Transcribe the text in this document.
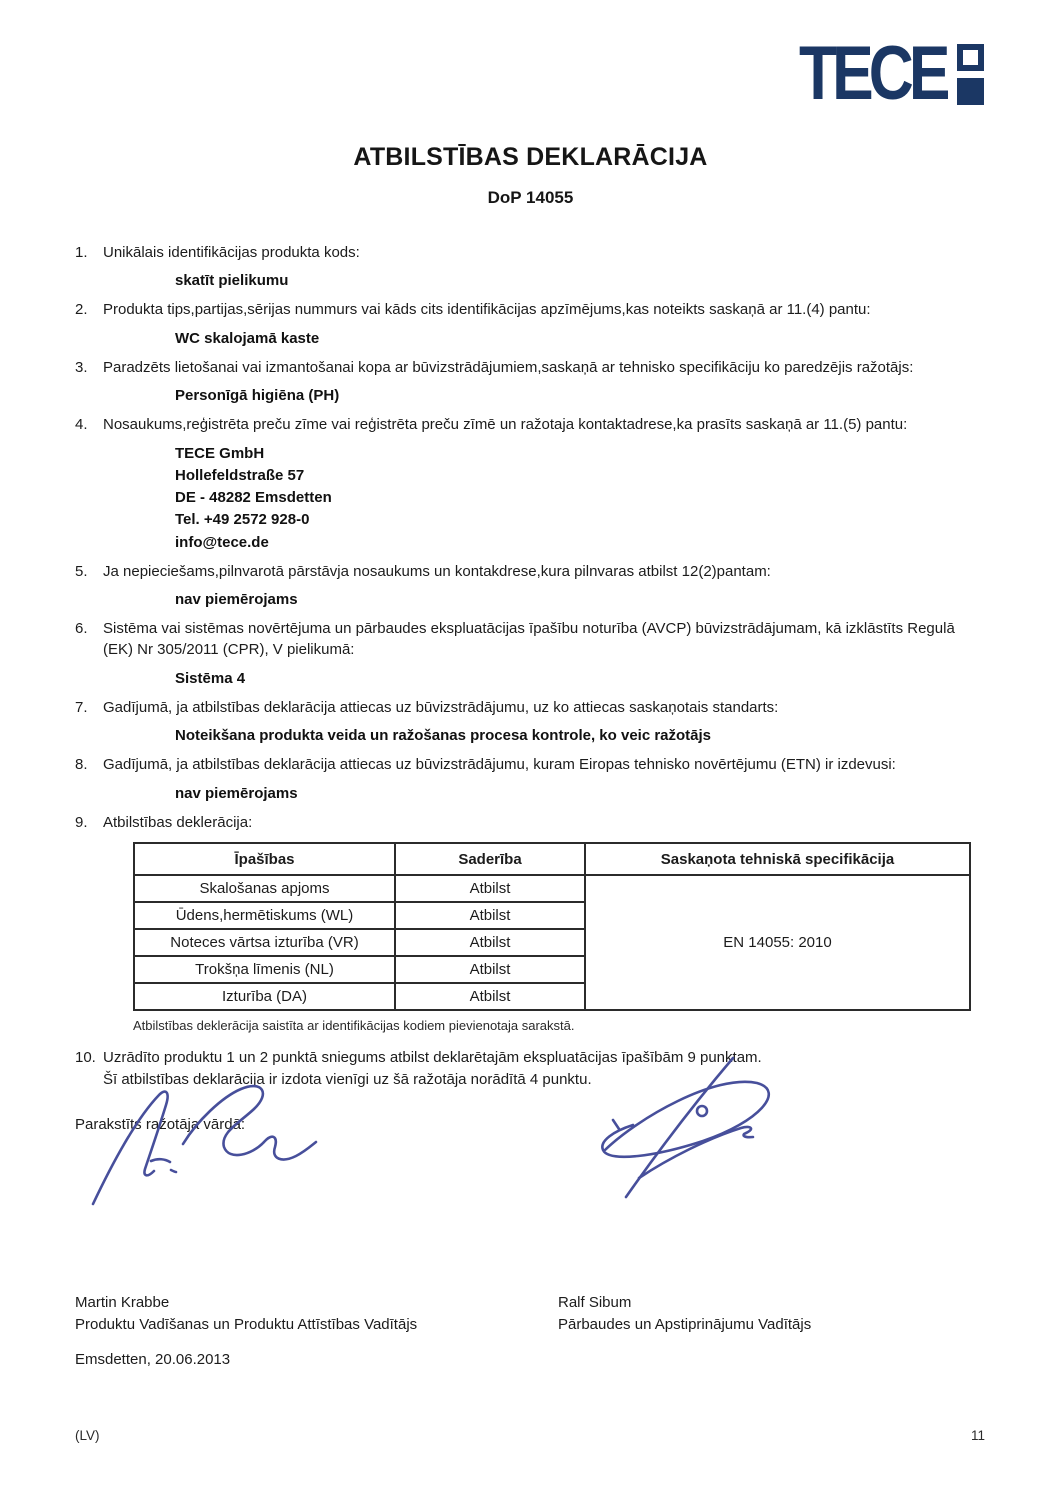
TECE
ATBILSTĪBAS DEKLARĀCIJA
DoP 14055
1.	Unikālais identifikācijas produkta kods:
skatīt pielikumu
2.	Produkta tips,partijas,sērijas nummurs vai kāds cits identifikācijas apzīmējums,kas noteikts saskaņā ar 11.(4) pantu:
WC skalojamā kaste
3.	Paradzēts lietošanai vai izmantošanai kopa ar būvizstrādājumiem,saskaņā ar tehnisko specifikāciju ko paredzējis ražotājs:
Personīgā higiēna (PH)
4.	Nosaukums,reģistrēta preču zīme vai reģistrēta preču zīmē un ražotaja kontaktadrese,ka prasīts saskaņā ar 11.(5) pantu:
TECE GmbH
Hollefeldstraße 57
DE - 48282 Emsdetten
Tel. +49 2572 928-0
info@tece.de
5.	Ja nepieciešams,pilnvarotā pārstāvja nosaukums un kontakdrese,kura pilnvaras atbilst 12(2)pantam:
nav piemērojams
6.	Sistēma vai sistēmas novērtējuma un pārbaudes ekspluatācijas īpašību noturība (AVCP) būvizstrādājumam, kā izklāstīts Regulā (EK) Nr 305/2011 (CPR), V pielikumā:
Sistēma 4
7.	Gadījumā, ja atbilstības deklarācija attiecas uz būvizstrādājumu, uz ko attiecas saskaņotais standarts:
Noteikšana produkta veida un ražošanas procesa kontrole, ko veic ražotājs
8.	Gadījumā, ja atbilstības deklarācija attiecas uz būvizstrādājumu, kuram Eiropas tehnisko novērtējumu (ETN) ir izdevusi:
nav piemērojams
9.	Atbilstības deklerācija:
Īpašības	Saderība	Saskaņota tehniskā specifikācija
Skalošanas apjoms	Atbilst	EN 14055: 2010
Ūdens,hermētiskums (WL)	Atbilst	
Noteces vārtsa izturība (VR)	Atbilst	
Trokšņa līmenis (NL)	Atbilst	
Izturība (DA)	Atbilst	
Atbilstības deklerācija saistīta ar identifikācijas kodiem pievienotaja sarakstā.
10. Uzrādīto produktu 1 un 2 punktā sniegums atbilst deklarētajām ekspluatācijas īpašībām 9 punktam.
Šī atbilstības deklarācija ir izdota vienīgi uz šā ražotāja norādītā 4 punktu.
Parakstīts ražotāja vārdā:
Martin Krabbe
Produktu Vadīšanas un Produktu Attīstības Vadītājs
Ralf Sibum
Pārbaudes un Apstiprinājumu Vadītājs
Emsdetten, 20.06.2013
(LV)	11
